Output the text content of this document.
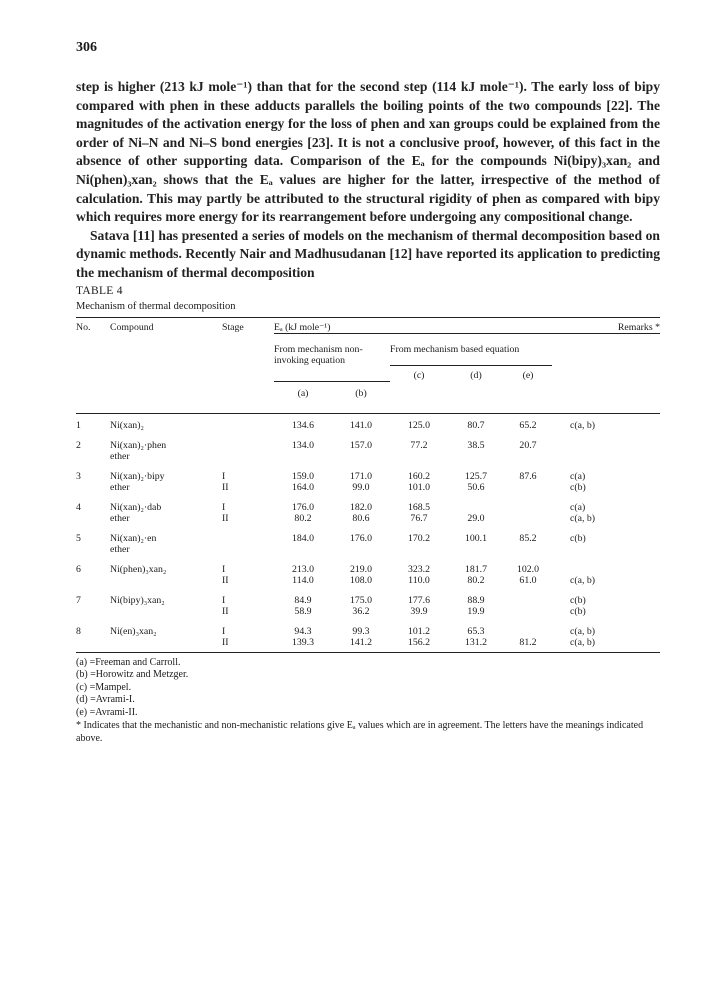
306

step is higher (213 kJ mole⁻¹) than that for the second step (114 kJ mole⁻¹). The early loss of bipy compared with phen in these adducts parallels the boiling points of the two compounds [22]. The magnitudes of the activation energy for the loss of phen and xan groups could be explained from the order of Ni–N and Ni–S bond energies [23]. It is not a conclusive proof, however, of this fact in the absence of other supporting data. Comparison of the Eₐ for the compounds Ni(bipy)₃xan₂ and Ni(phen)₃xan₂ shows that the Eₐ values are higher for the latter, irrespective of the method of calculation. This may partly be attributed to the structural rigidity of phen as compared with bipy which requires more energy for its rearrangement before undergoing any compositional change.

Satava [11] has presented a series of models on the mechanism of thermal decomposition based on dynamic methods. Recently Nair and Madhusudanan [12] have reported its application to predicting the mechanism of thermal decomposition

TABLE 4
Mechanism of thermal decomposition
No.	Compound	Stage	Eₐ (kJ mole⁻¹)					Remarks *
			From mechanism non-invoking equation		From mechanism based equation			
					(c)	(d)	(e)	
			(a)	(b)				

1	Ni(xan)₂		134.6	141.0	125.0	80.7	65.2	c(a, b)
2	Ni(xan)₂·phen		134.0	157.0	77.2	38.5	20.7	
	ether							
3	Ni(xan)₂·bipy	I	159.0	171.0	160.2	125.7	87.6	c(a)
	ether	II	164.0	99.0	101.0	50.6		c(b)
4	Ni(xan)₂·dab	I	176.0	182.0	168.5			c(a)
	ether	II	80.2	80.6	76.7	29.0		c(a, b)
5	Ni(xan)₂·en		184.0	176.0	170.2	100.1	85.2	c(b)
	ether							
6	Ni(phen)₃xan₂	I	213.0	219.0	323.2	181.7	102.0	
		II	114.0	108.0	110.0	80.2	61.0	c(a, b)
7	Ni(bipy)₃xan₂	I	84.9	175.0	177.6	88.9		c(b)
		II	58.9	36.2	39.9	19.9		c(b)
8	Ni(en)₃xan₂	I	94.3	99.3	101.2	65.3		c(a, b)
		II	139.3	141.2	156.2	131.2	81.2	c(a, b)

(a) =Freeman and Carroll.
(b) =Horowitz and Metzger.
(c) =Mampel.
(d) =Avrami-I.
(e) =Avrami-II.
* Indicates that the mechanistic and non-mechanistic relations give Eₐ values which are in agreement. The letters have the meanings indicated above.
